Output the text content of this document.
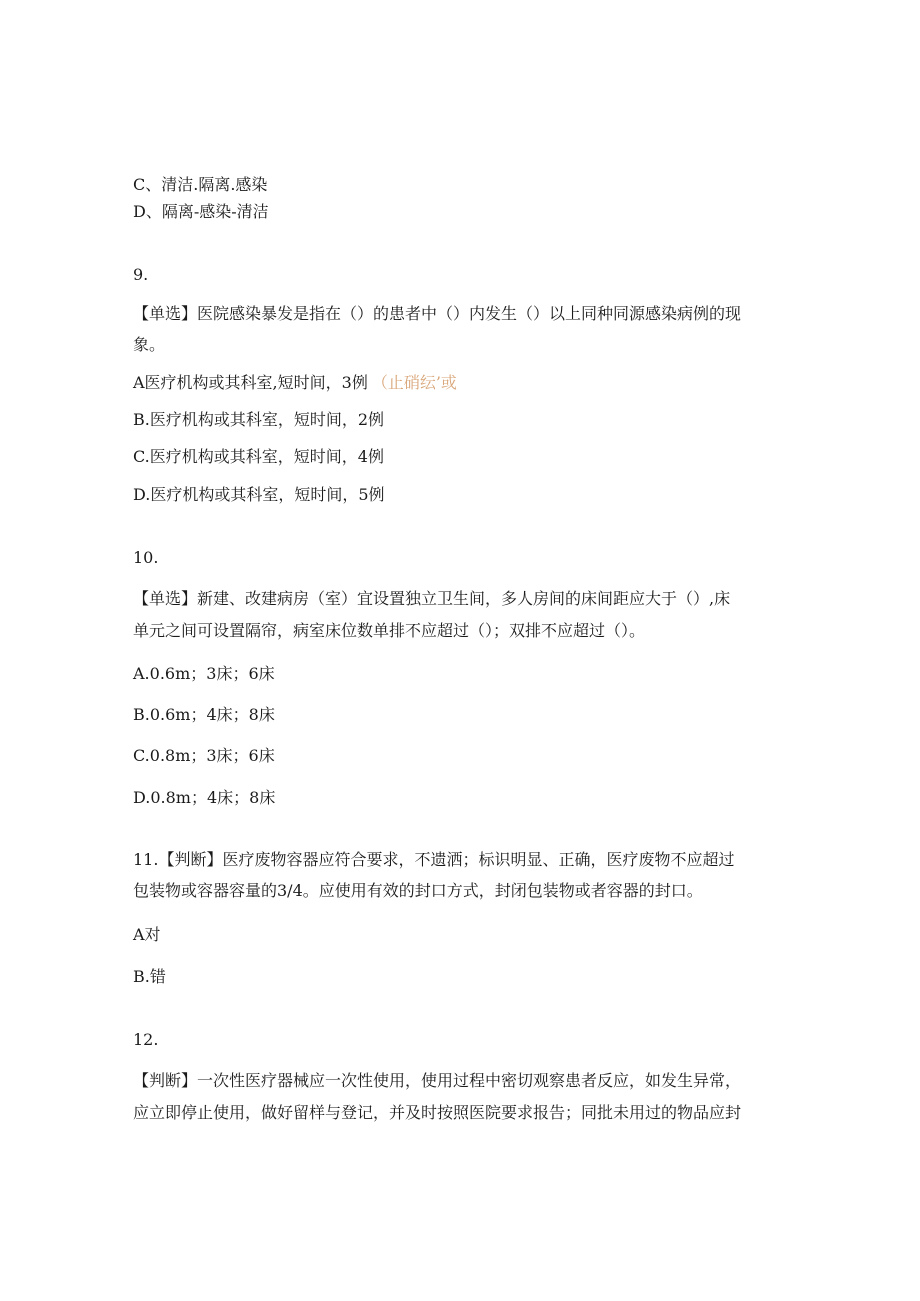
C、清洁.隔离.感染
D、隔离-感染-清洁
9.
【单选】医院感染暴发是指在（）的患者中（）内发生（）以上同种同源感染病例的现
象。
A医疗机构或其科室,短时间，3例 （止硝纭’或
B.医疗机构或其科室，短时间，2例
C.医疗机构或其科室，短时间，4例
D.医疗机构或其科室，短时间，5例
10.
【单选】新建、改建病房（室）宜设置独立卫生间，多人房间的床间距应大于（）,床
单元之间可设置隔帘，病室床位数单排不应超过（）；双排不应超过（）。
A.0.6m；3床；6床
B.0.6m；4床；8床
C.0.8m；3床；6床
D.0.8m；4床；8床
11.【判断】医疗废物容器应符合要求，不遗洒；标识明显、正确，医疗废物不应超过
包装物或容器容量的3/4。应使用有效的封口方式，封闭包装物或者容器的封口。
A对
B.错
12.
【判断】一次性医疗器械应一次性使用，使用过程中密切观察患者反应，如发生异常，
应立即停止使用，做好留样与登记，并及时按照医院要求报告；同批未用过的物品应封
